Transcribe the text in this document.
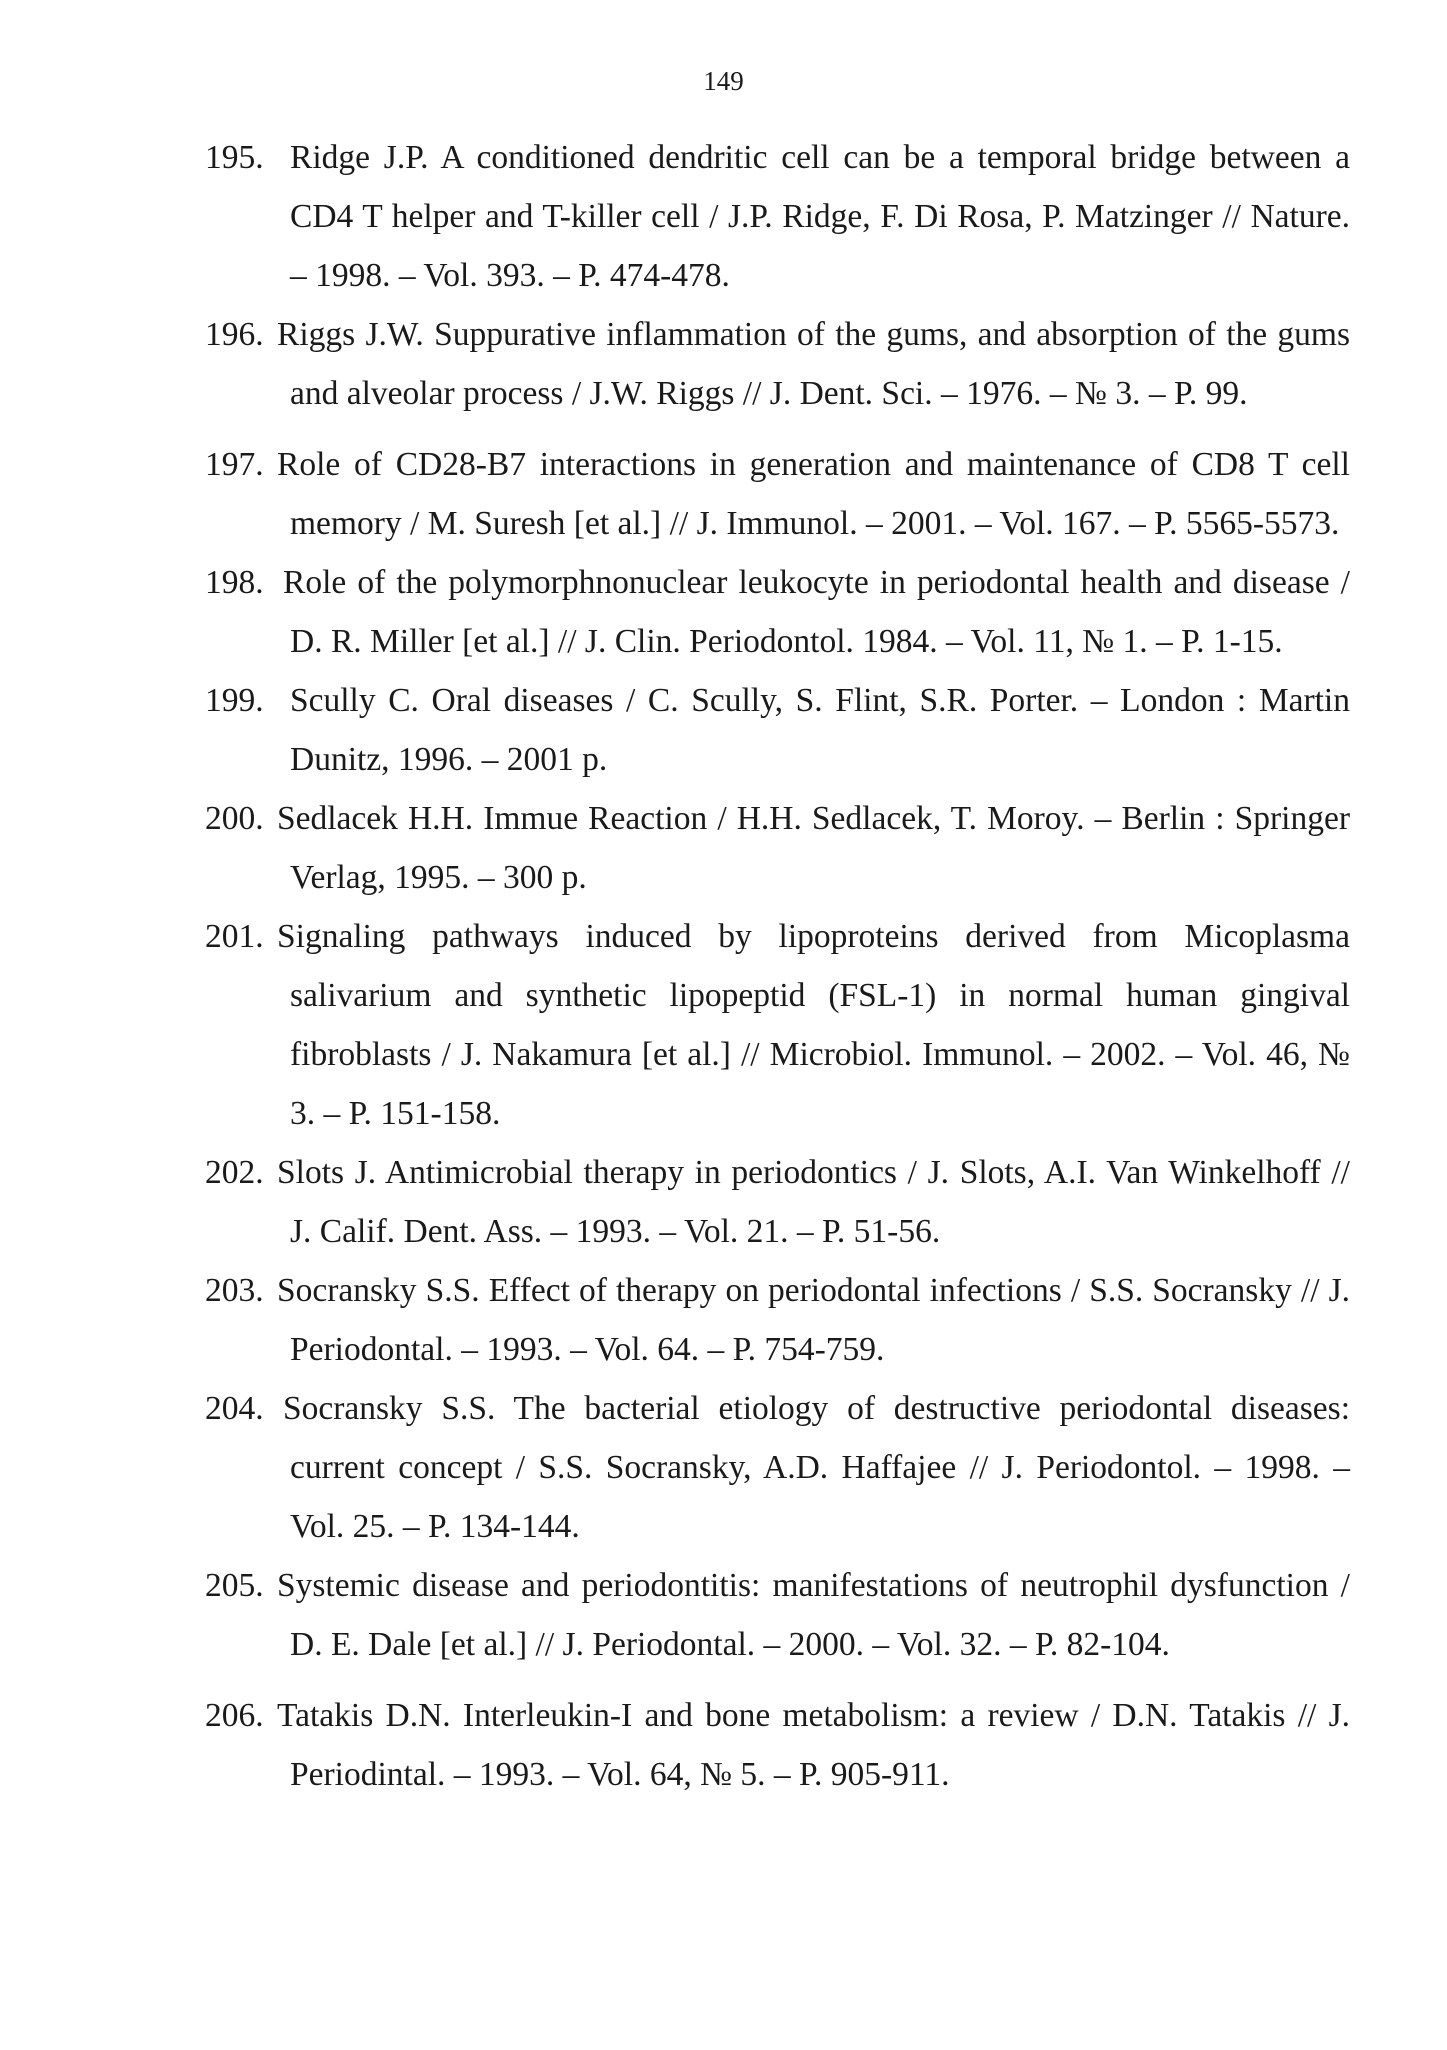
149
195. Ridge J.P. A conditioned dendritic cell can be a temporal bridge between a CD4 T helper and T-killer cell / J.P. Ridge, F. Di Rosa, P. Matzinger // Nature. – 1998. – Vol. 393. – P. 474-478.
196. Riggs J.W. Suppurative inflammation of the gums, and absorption of the gums and alveolar process / J.W. Riggs // J. Dent. Sci. – 1976. – № 3. – P. 99.
197. Role of CD28-B7 interactions in generation and maintenance of CD8 T cell memory / M. Suresh [et al.] // J. Immunol. – 2001. – Vol. 167. – P. 5565-5573.
198. Role of the polymorphnonuclear leukocyte in periodontal health and disease / D. R. Miller [et al.] // J. Clin. Periodontol. 1984. – Vol. 11, № 1. – P. 1-15.
199. Scully C. Oral diseases / C. Scully, S. Flint, S.R. Porter. – London : Martin Dunitz, 1996. – 2001 p.
200. Sedlacek H.H. Immue Reaction / H.H. Sedlacek, T. Moroy. – Berlin : Springer Verlag, 1995. – 300 p.
201. Signaling pathways induced by lipoproteins derived from Micoplasma salivarium and synthetic lipopeptid (FSL-1) in normal human gingival fibroblasts / J. Nakamura [et al.] // Microbiol. Immunol. – 2002. – Vol. 46, № 3. – P. 151-158.
202. Slots J. Antimicrobial therapy in periodontics / J. Slots, A.I. Van Winkelhoff // J. Calif. Dent. Ass. – 1993. – Vol. 21. – P. 51-56.
203. Socransky S.S. Effect of therapy on periodontal infections / S.S. Socransky // J. Periodontal. – 1993. – Vol. 64. – P. 754-759.
204. Socransky S.S. The bacterial etiology of destructive periodontal diseases: current concept / S.S. Socransky, A.D. Haffajee // J. Periodontol. – 1998. – Vol. 25. – P. 134-144.
205. Systemic disease and periodontitis: manifestations of neutrophil dysfunction / D. E. Dale [et al.] // J. Periodontal. – 2000. – Vol. 32. – P. 82-104.
206. Tatakis D.N. Interleukin-I and bone metabolism: a review / D.N. Tatakis // J. Periodintal. – 1993. – Vol. 64, № 5. – P. 905-911.
